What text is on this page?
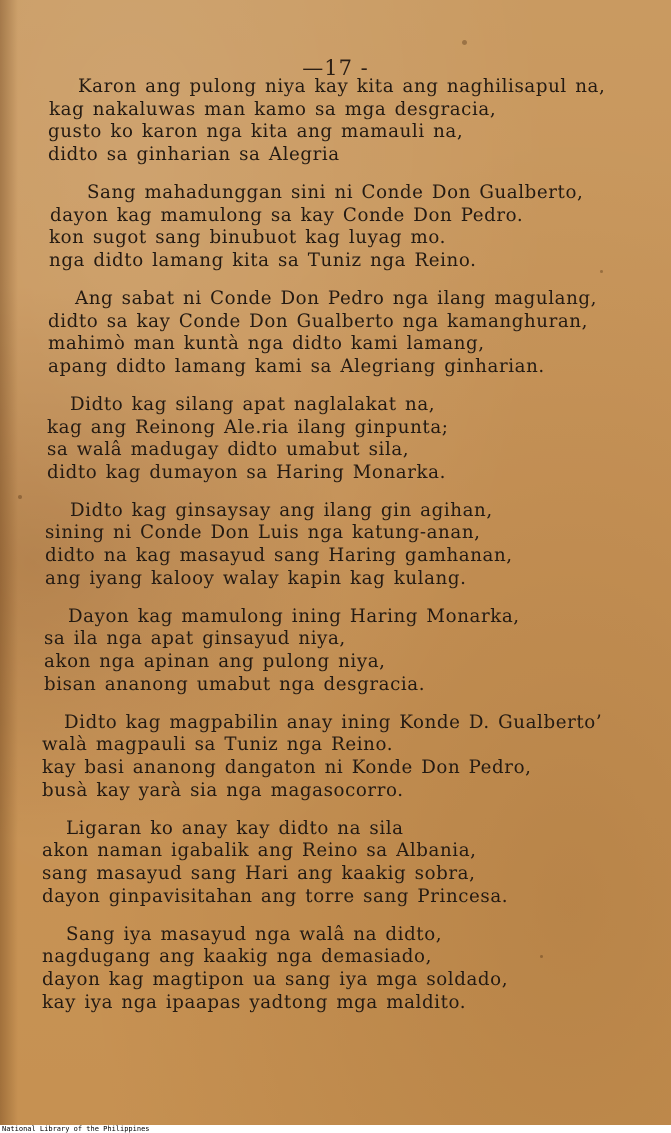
—17 -
Karon ang pulong niya kay kita ang naghilisapul na,
kag nakaluwas man kamo sa mga desgracia,
gusto ko karon nga kita ang mamauli na,
didto sa ginharian sa Alegria
Sang mahadunggan sini ni Conde Don Gualberto,
dayon kag mamulong sa kay Conde Don Pedro.
kon sugot sang binubuot kag luyag mo.
nga didto lamang kita sa Tuniz nga Reino.
Ang sabat ni Conde Don Pedro nga ilang magulang,
didto sa kay Conde Don Gualberto nga kamanghuran,
mahimò man kuntà nga didto kami lamang,
apang didto lamang kami sa Alegriang ginharian.
Didto kag silang apat naglalakat na,
kag ang Reinong Ale.ria ilang ginpunta;
sa walâ madugay didto umabut sila,
didto kag dumayon sa Haring Monarka.
Didto kag ginsaysay ang ilang gin agihan,
sining ni Conde Don Luis nga katung-anan,
didto na kag masayud sang Haring gamhanan,
ang iyang kalooy walay kapin kag kulang.
Dayon kag mamulong ining Haring Monarka,
sa ila nga apat ginsayud niya,
akon nga apinan ang pulong niya,
bisan ananong umabut nga desgracia.
Didto kag magpabilin anay ining Konde D. Gualberto’
walà magpauli sa Tuniz nga Reino.
kay basi ananong dangaton ni Konde Don Pedro,
busà kay yarà sia nga magasocorro.
Ligaran ko anay kay didto na sila
akon naman igabalik ang Reino sa Albania,
sang masayud sang Hari ang kaakig sobra,
dayon ginpavisitahan ang torre sang Princesa.
Sang iya masayud nga walâ na didto,
nagdugang ang kaakig nga demasiado,
dayon kag magtipon ua sang iya mga soldado,
kay iya nga ipaapas yadtong mga maldito.
National Library of the Philippines
